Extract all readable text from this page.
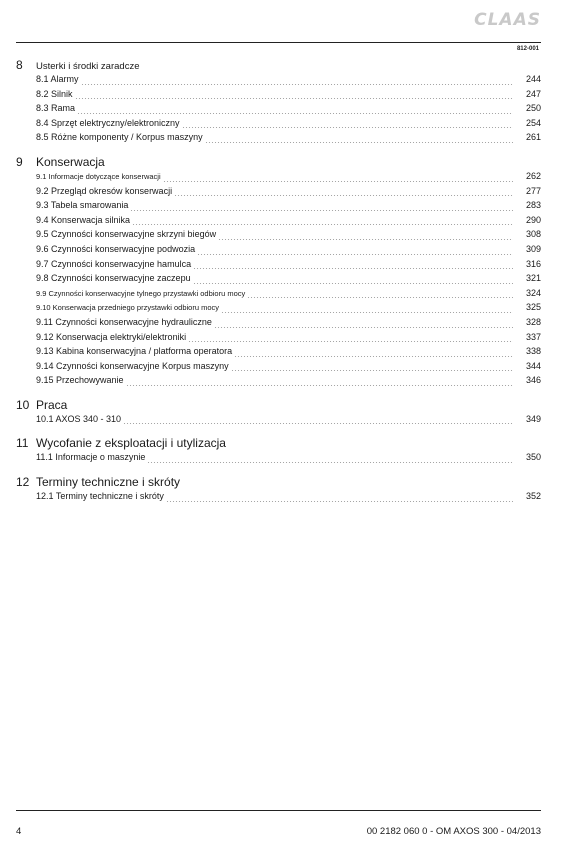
CLAAS
812-001
8	Usterki i środki zaradcze
8.1 Alarmy	244
8.2 Silnik	247
8.3 Rama	250
8.4 Sprzęt elektryczny/elektroniczny	254
8.5 Różne komponenty / Korpus maszyny	261
9	Konserwacja
9.1 Informacje dotyczące konserwacji	262
9.2 Przegląd okresów konserwacji	277
9.3 Tabela smarowania	283
9.4 Konserwacja silnika	290
9.5 Czynności konserwacyjne skrzyni biegów	308
9.6 Czynności konserwacyjne podwozia	309
9.7 Czynności konserwacyjne hamulca	316
9.8 Czynności konserwacyjne zaczepu	321
9.9 Czynności konserwacyjne tylnego przystawki odbioru mocy	324
9.10 Konserwacja przedniego przystawki odbioru mocy	325
9.11 Czynności konserwacyjne hydrauliczne	328
9.12 Konserwacja elektryki/elektroniki	337
9.13 Kabina konserwacyjna / platforma operatora	338
9.14 Czynności konserwacyjne Korpus maszyny	344
9.15 Przechowywanie	346
10 Praca
10.1 AXOS 340 - 310	349
11 Wycofanie z eksploatacji i utylizacja
11.1 Informacje o maszynie	350
12 Terminy techniczne i skróty
12.1 Terminy techniczne i skróty	352
4	00 2182 060 0 - OM AXOS 300 - 04/2013
